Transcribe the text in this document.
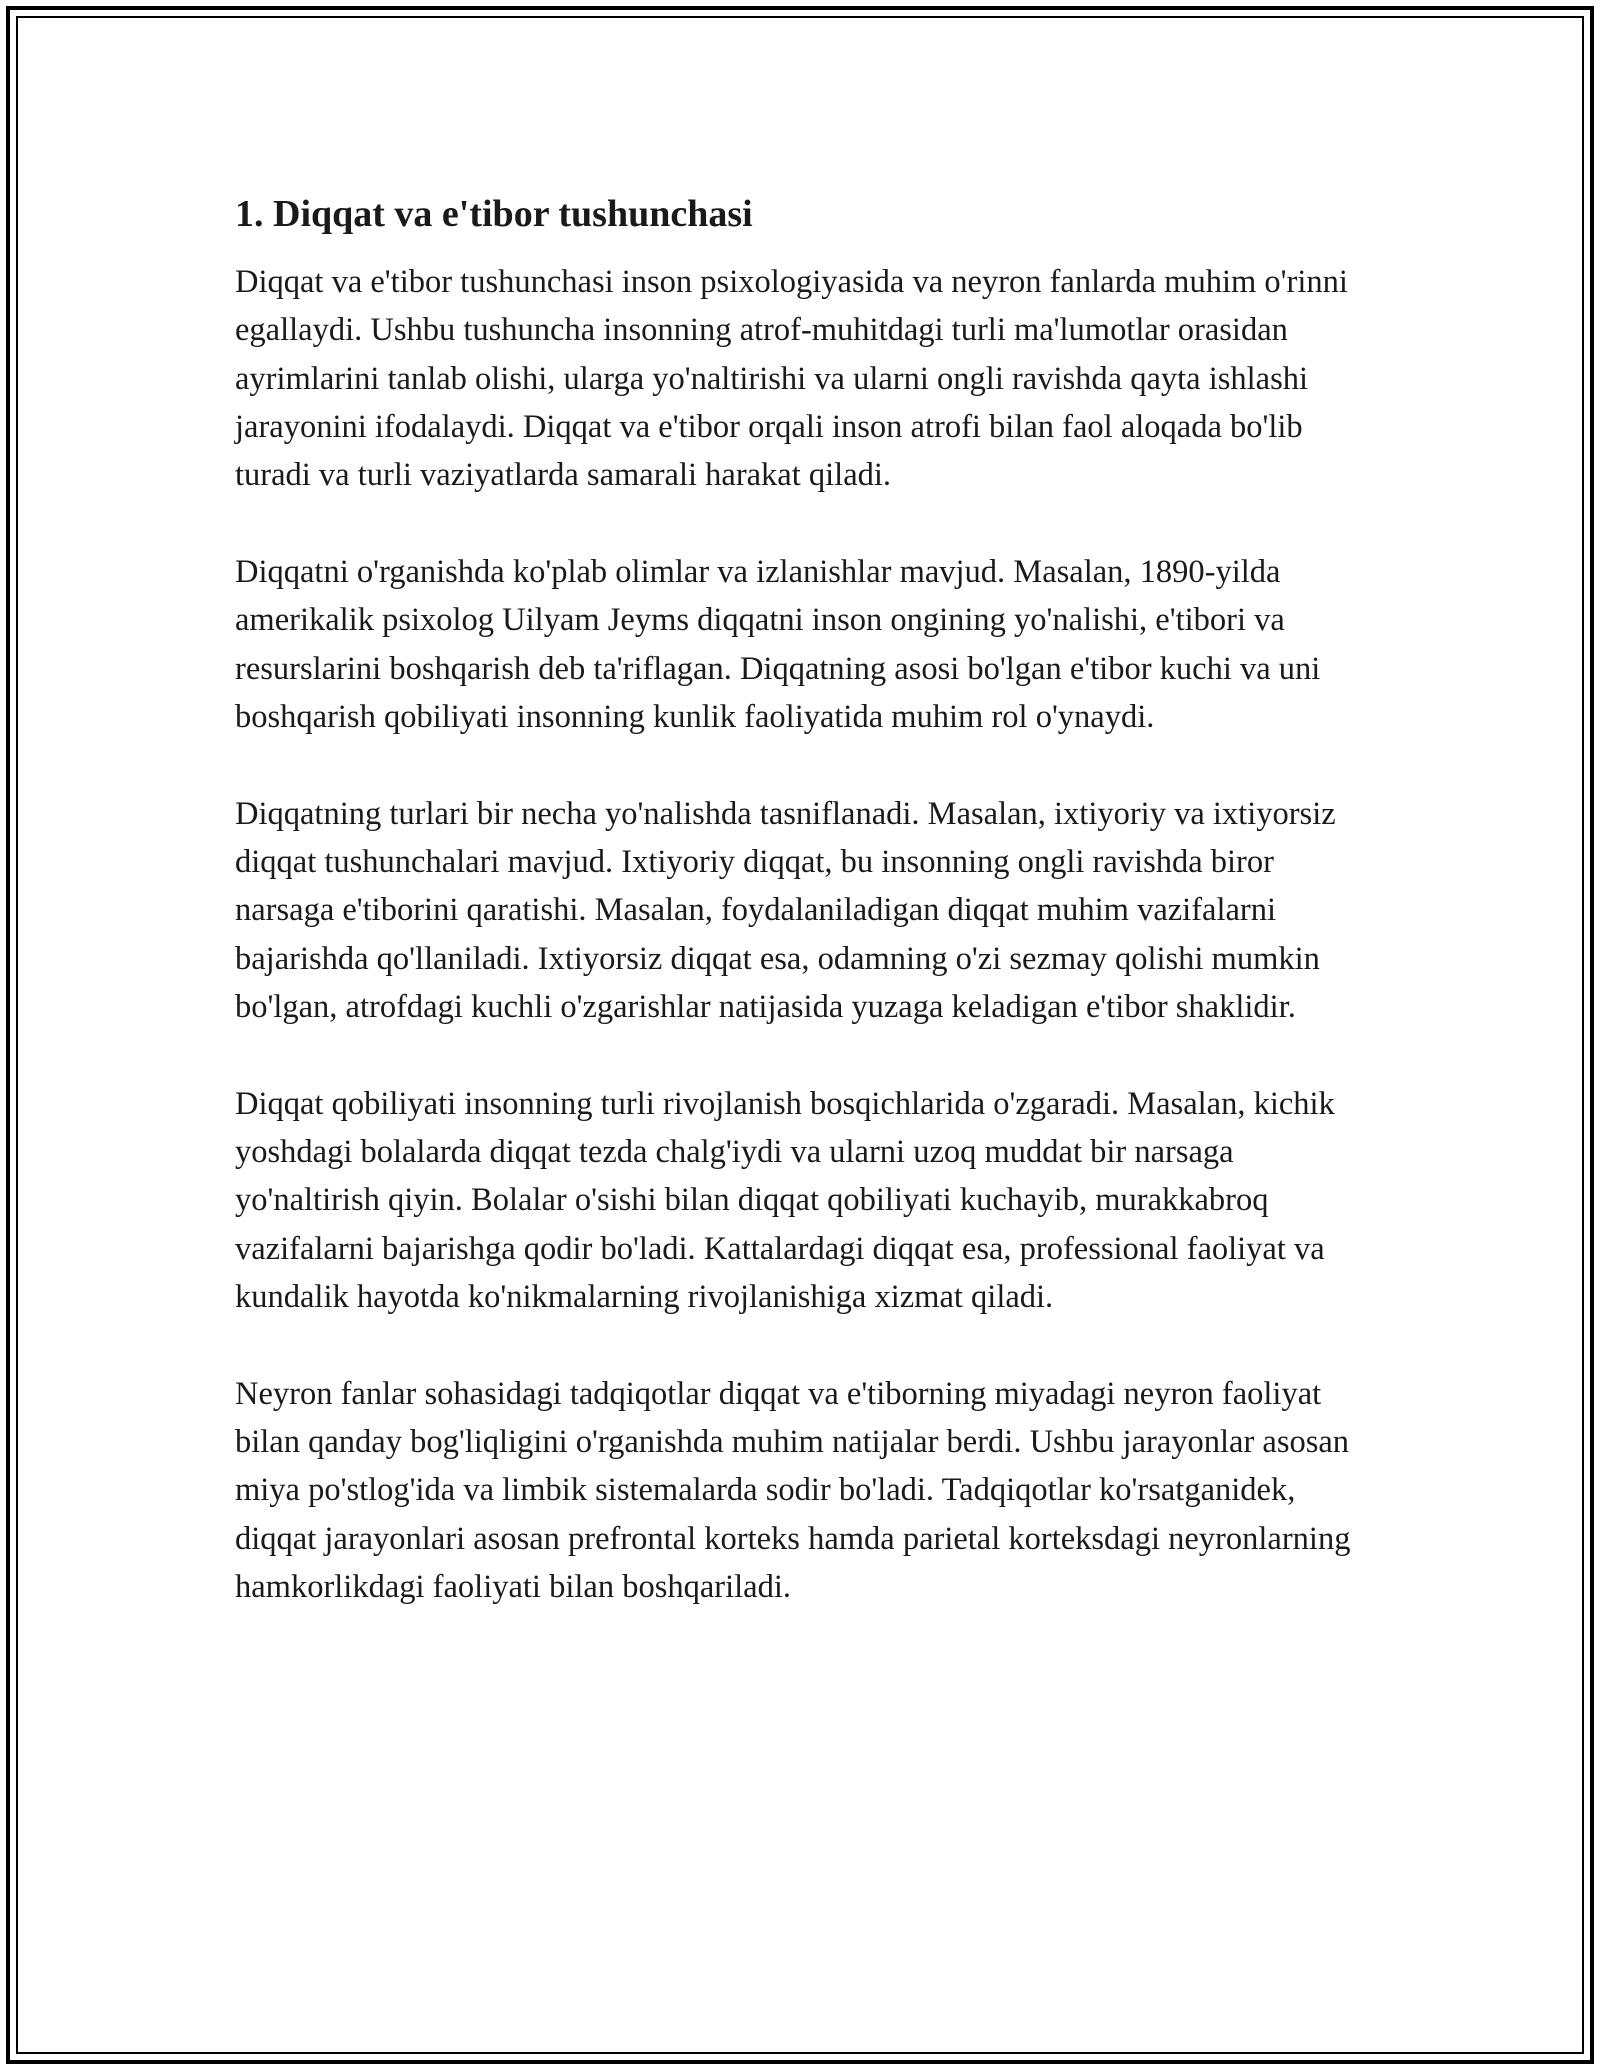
1. Diqqat va e'tibor tushunchasi

Diqqat va e'tibor tushunchasi inson psixologiyasida va neyron fanlarda muhim o'rinni egallaydi. Ushbu tushuncha insonning atrof-muhitdagi turli ma'lumotlar orasidan ayrimlarini tanlab olishi, ularga yo'naltirishi va ularni ongli ravishda qayta ishlashi jarayonini ifodalaydi. Diqqat va e'tibor orqali inson atrofi bilan faol aloqada bo'lib turadi va turli vaziyatlarda samarali harakat qiladi.

Diqqatni o'rganishda ko'plab olimlar va izlanishlar mavjud. Masalan, 1890-yilda amerikalik psixolog Uilyam Jeyms diqqatni inson ongining yo'nalishi, e'tibori va resurslarini boshqarish deb ta'riflagan. Diqqatning asosi bo'lgan e'tibor kuchi va uni boshqarish qobiliyati insonning kunlik faoliyatida muhim rol o'ynaydi.

Diqqatning turlari bir necha yo'nalishda tasniflanadi. Masalan, ixtiyoriy va ixtiyorsiz diqqat tushunchalari mavjud. Ixtiyoriy diqqat, bu insonning ongli ravishda biror narsaga e'tiborini qaratishi. Masalan, foydalaniladigan diqqat muhim vazifalarni bajarishda qo'llaniladi. Ixtiyorsiz diqqat esa, odamning o'zi sezmay qolishi mumkin bo'lgan, atrofdagi kuchli o'zgarishlar natijasida yuzaga keladigan e'tibor shaklidir.

Diqqat qobiliyati insonning turli rivojlanish bosqichlarida o'zgaradi. Masalan, kichik yoshdagi bolalarda diqqat tezda chalg'iydi va ularni uzoq muddat bir narsaga yo'naltirish qiyin. Bolalar o'sishi bilan diqqat qobiliyati kuchayib, murakkabroq vazifalarni bajarishga qodir bo'ladi. Kattalardagi diqqat esa, professional faoliyat va kundalik hayotda ko'nikmalarning rivojlanishiga xizmat qiladi.

Neyron fanlar sohasidagi tadqiqotlar diqqat va e'tiborning miyadagi neyron faoliyat bilan qanday bog'liqligini o'rganishda muhim natijalar berdi. Ushbu jarayonlar asosan miya po'stlog'ida va limbik sistemalarda sodir bo'ladi. Tadqiqotlar ko'rsatganidek, diqqat jarayonlari asosan prefrontal korteks hamda parietal korteksdagi neyronlarning hamkorlikdagi faoliyati bilan boshqariladi.
